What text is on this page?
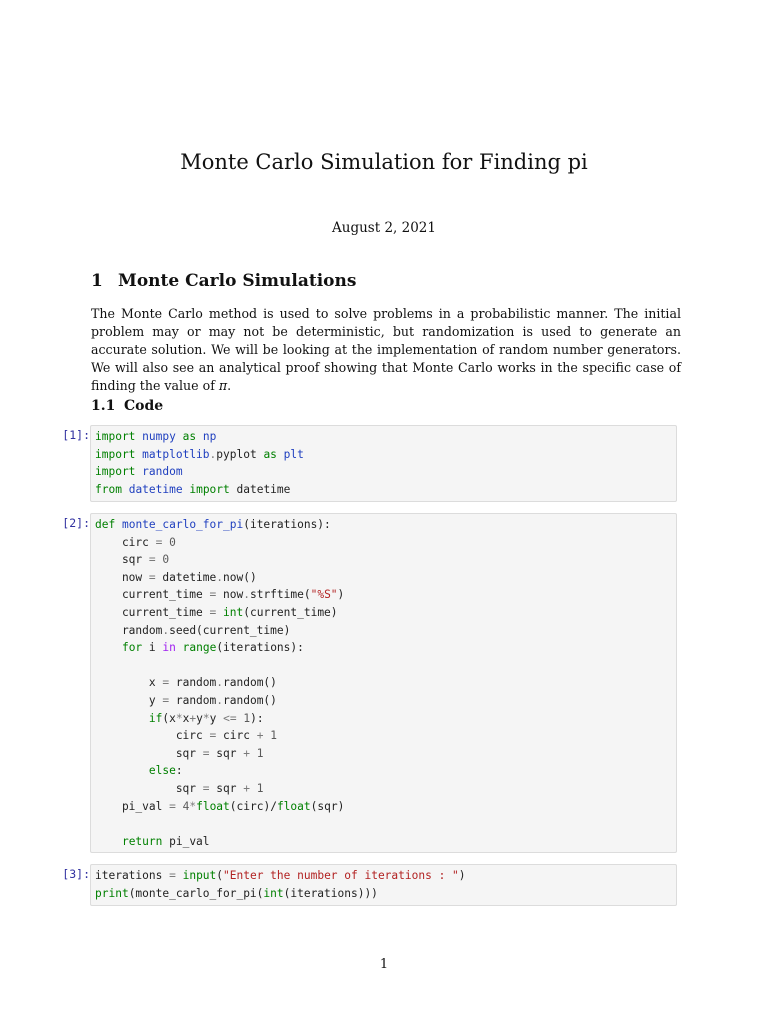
Monte Carlo Simulation for Finding pi
August 2, 2021
1 Monte Carlo Simulations
The Monte Carlo method is used to solve problems in a probabilistic manner. The initial problem may or may not be deterministic, but randomization is used to generate an accurate solution. We will be looking at the implementation of random number generators. We will also see an analytical proof showing that Monte Carlo works in the specific case of finding the value of π.
1.1 Code
[1]: import numpy as np
import matplotlib.pyplot as plt
import random
from datetime import datetime
[2]: def monte_carlo_for_pi(iterations):
circ = 0
sqr = 0
now = datetime.now()
current_time = now.strftime("%S")
current_time = int(current_time)
random.seed(current_time)
for i in range(iterations):

x = random.random()
y = random.random()
if(x*x+y*y <= 1):
circ = circ + 1
sqr = sqr + 1
else:
sqr = sqr + 1
pi_val = 4*float(circ)/float(sqr)

return pi_val
[3]: iterations = input("Enter the number of iterations : ")
print(monte_carlo_for_pi(int(iterations)))
1
